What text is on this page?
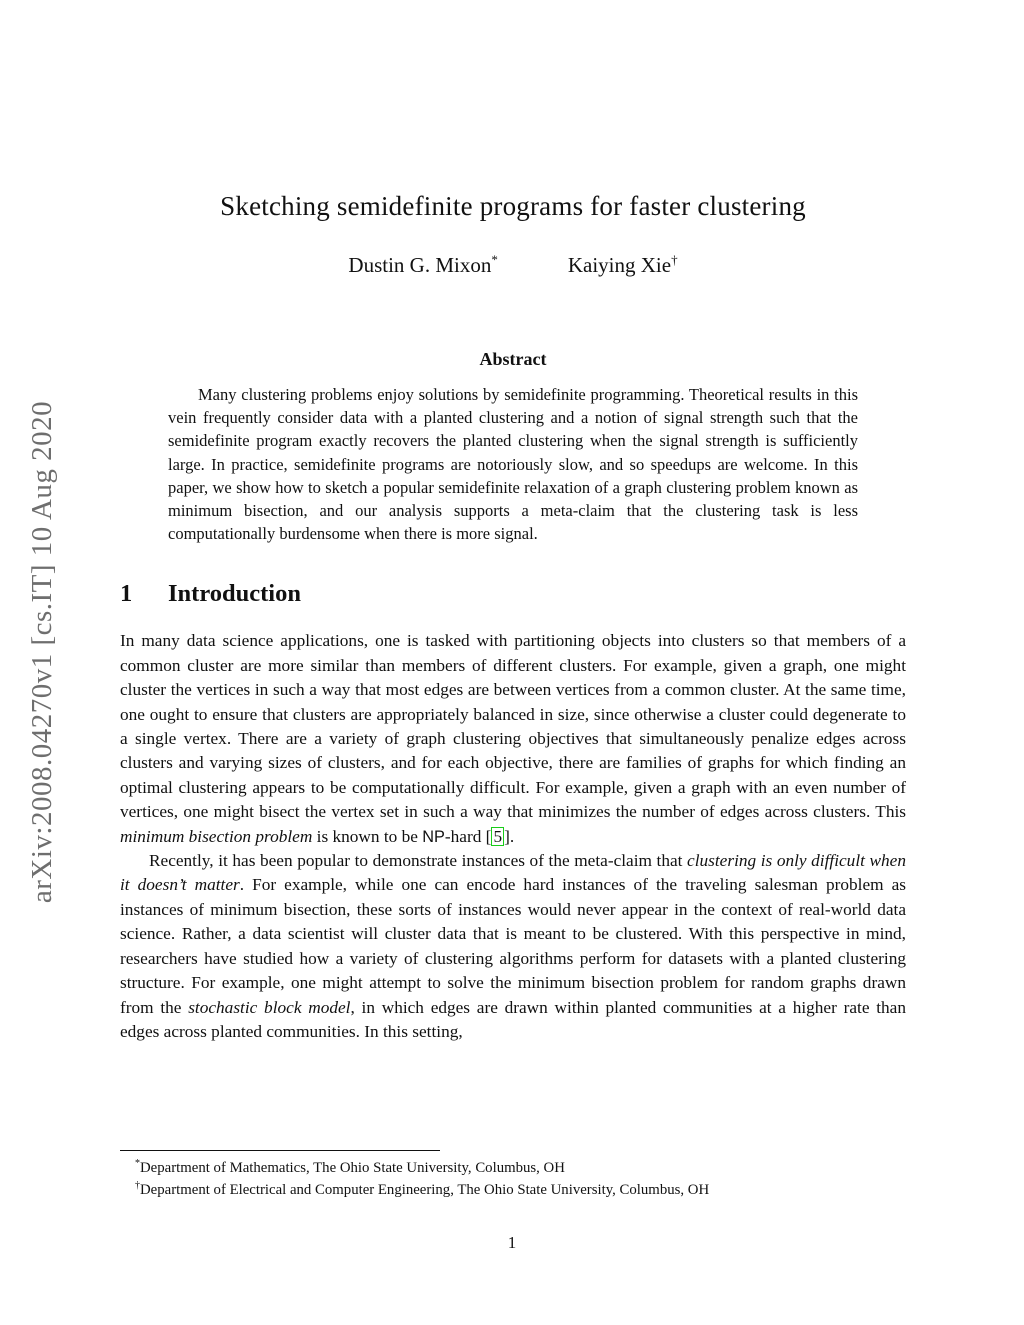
arXiv:2008.04270v1 [cs.IT] 10 Aug 2020
Sketching semidefinite programs for faster clustering
Dustin G. Mixon*	Kaiying Xie†
Abstract

Many clustering problems enjoy solutions by semidefinite programming. Theoretical results in this vein frequently consider data with a planted clustering and a notion of signal strength such that the semidefinite program exactly recovers the planted clustering when the signal strength is sufficiently large. In practice, semidefinite programs are notoriously slow, and so speedups are welcome. In this paper, we show how to sketch a popular semidefinite relaxation of a graph clustering problem known as minimum bisection, and our analysis supports a meta-claim that the clustering task is less computationally burdensome when there is more signal.

1 Introduction

In many data science applications, one is tasked with partitioning objects into clusters so that members of a common cluster are more similar than members of different clusters. For example, given a graph, one might cluster the vertices in such a way that most edges are between vertices from a common cluster. At the same time, one ought to ensure that clusters are appropriately balanced in size, since otherwise a cluster could degenerate to a single vertex. There are a variety of graph clustering objectives that simultaneously penalize edges across clusters and varying sizes of clusters, and for each objective, there are families of graphs for which finding an optimal clustering appears to be computationally difficult. For example, given a graph with an even number of vertices, one might bisect the vertex set in such a way that minimizes the number of edges across clusters. This minimum bisection problem is known to be NP-hard [ 5 ].

Recently, it has been popular to demonstrate instances of the meta-claim that clustering is only difficult when it doesn’t matter. For example, while one can encode hard instances of the traveling salesman problem as instances of minimum bisection, these sorts of instances would never appear in the context of real-world data science. Rather, a data scientist will cluster data that is meant to be clustered. With this perspective in mind, researchers have studied how a variety of clustering algorithms perform for datasets with a planted clustering structure. For example, one might attempt to solve the minimum bisection problem for random graphs drawn from the stochastic block model, in which edges are drawn within planted communities at a higher rate than edges across planted communities. In this setting,

*Department of Mathematics, The Ohio State University, Columbus, OH
†Department of Electrical and Computer Engineering, The Ohio State University, Columbus, OH
1
